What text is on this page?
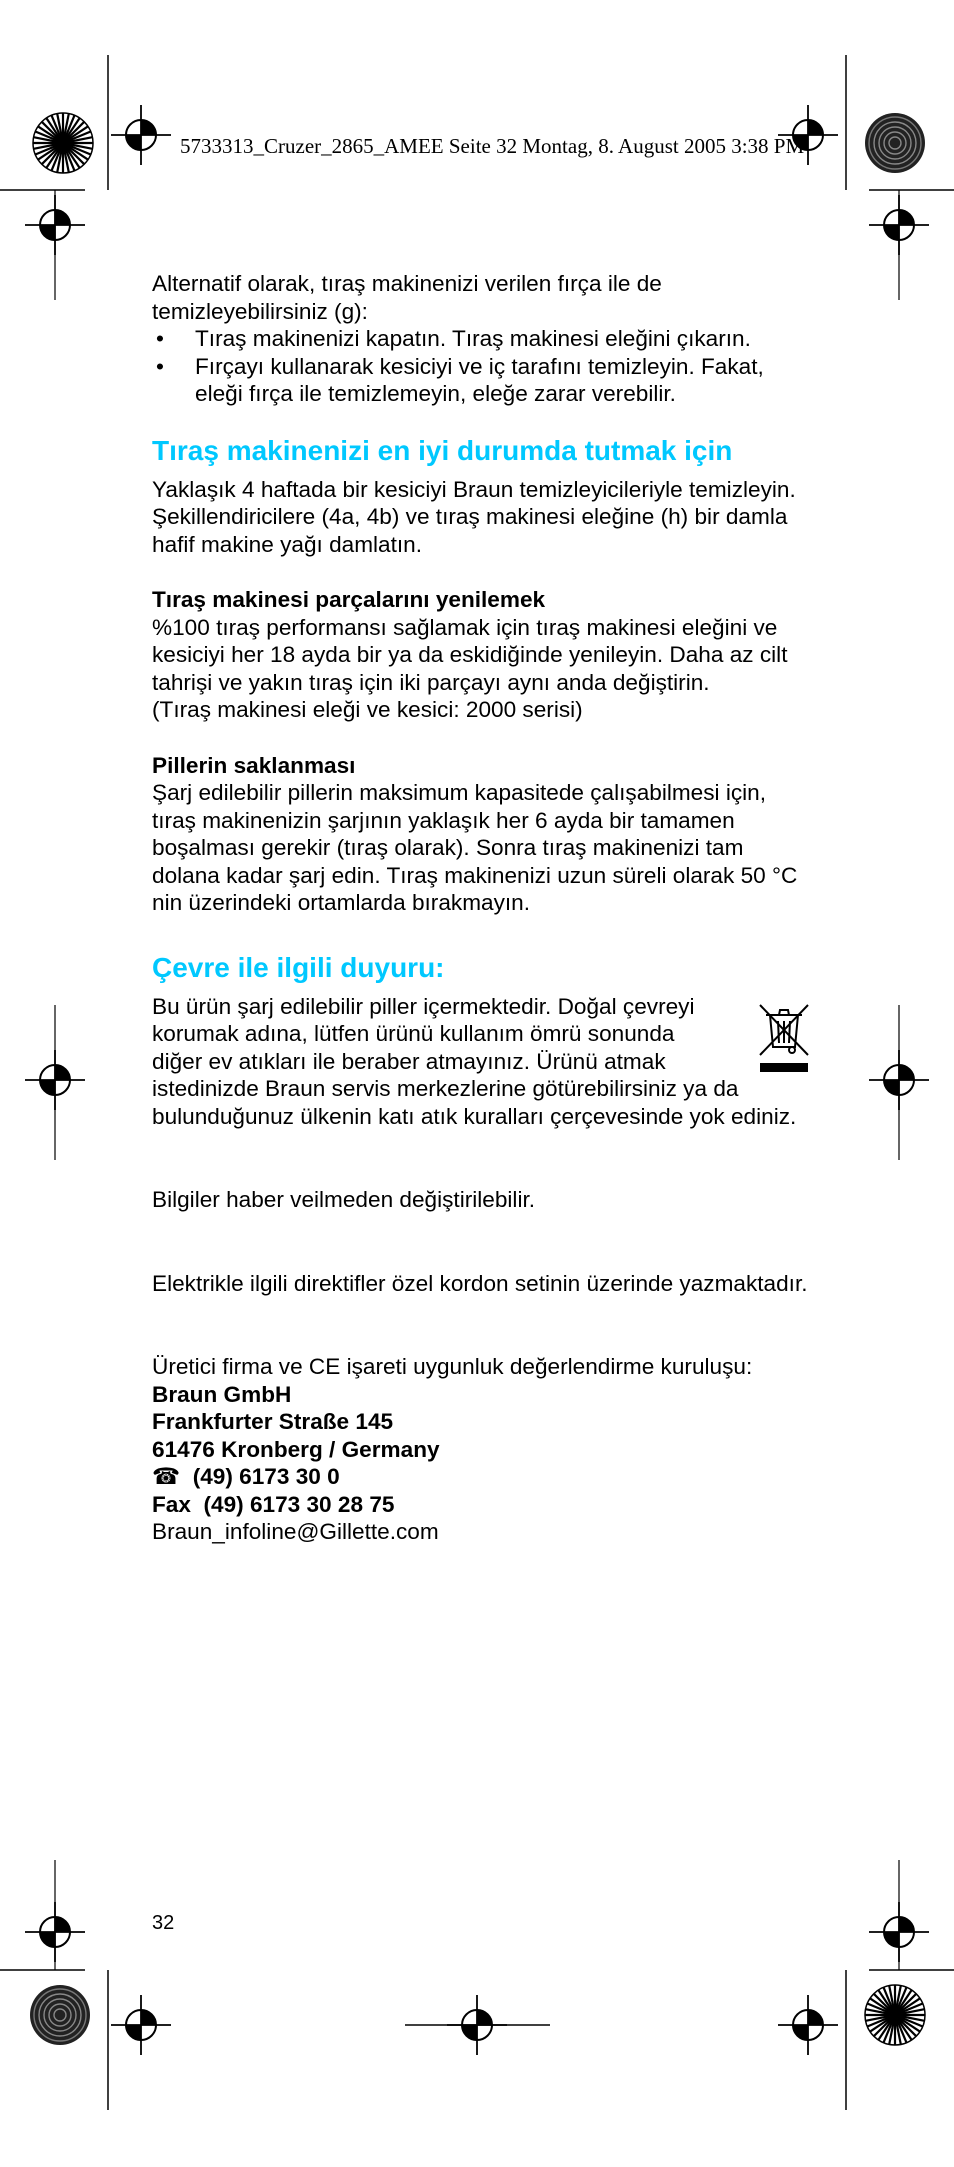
5733313_Cruzer_2865_AMEE Seite 32 Montag, 8. August 2005 3:38 PM

Alternatif olarak, tıraş makinenizi verilen fırça ile de temizleyebilirsiniz (g):

• Tıraş makinenizi kapatın. Tıraş makinesi eleğini çıkarın.
• Fırçayı kullanarak kesiciyi ve iç tarafını temizleyin. Fakat, eleği fırça ile temizlemeyin, eleğe zarar verebilir.
Tıraş makinenizi en iyi durumda tutmak için

Yaklaşık 4 haftada bir kesiciyi Braun temizleyicileriyle temizleyin. Şekillendiricilere (4a, 4b) ve tıraş makinesi eleğine (h) bir damla hafif makine yağı damlatın.

Tıraş makinesi parçalarını yenilemek

%100 tıraş performansı sağlamak için tıraş makinesi eleğini ve kesiciyi her 18 ayda bir ya da eskidiğinde yenileyin. Daha az cilt tahrişi ve yakın tıraş için iki parçayı aynı anda değiştirin.

(Tıraş makinesi eleği ve kesici: 2000 serisi)

Pillerin saklanması

Şarj edilebilir pillerin maksimum kapasitede çalışabilmesi için, tıraş makinenizin şarjının yaklaşık her 6 ayda bir tamamen boşalması gerekir (tıraş olarak). Sonra tıraş makinenizi tam dolana kadar şarj edin. Tıraş makinenizi uzun süreli olarak 50 °C nin üzerindeki ortamlarda bırakmayın.

Çevre ile ilgili duyuru:
Bu ürün şarj edilebilir piller içermektedir. Doğal çevreyi
korumak adına, lütfen ürünü kullanım ömrü sonunda
diğer ev atıkları ile beraber atmayınız. Ürünü atmak

istedinizde Braun servis merkezlerine götürebilirsiniz ya da bulunduğunuz ülkenin katı atık kuralları çerçevesinde yok ediniz.

Bilgiler haber veilmeden değiştirilebilir.

Elektrikle ilgili direktifler özel kordon setinin üzerinde yazmaktadır.

Üretici firma ve CE işareti uygunluk değerlendirme kuruluşu:

Braun GmbH

Frankfurter Straße 145

61476 Kronberg / Germany

☎ (49) 6173 30 0

Fax (49) 6173 30 28 75

Braun_infoline@Gillette.com

32
